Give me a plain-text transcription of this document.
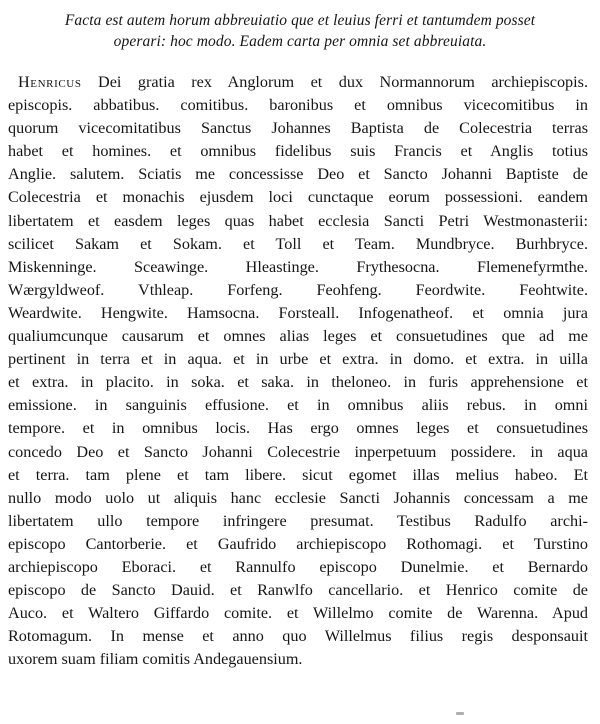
Facta est autem horum abbreuiatio que et leuius ferri et tantumdem posset
operari: hoc modo. Eadem carta per omnia set abbreuiata.
Henricus Dei gratia rex Anglorum et dux Normannorum archiepiscopis.
episcopis. abbatibus. comitibus. baronibus et omnibus vicecomitibus in
quorum vicecomitatibus Sanctus Johannes Baptista de Colecestria terras
habet et homines. et omnibus fidelibus suis Francis et Anglis totius
Anglie. salutem. Sciatis me concessisse Deo et Sancto Johanni Baptiste de
Colecestria et monachis ejusdem loci cunctaque eorum possessioni. eandem
libertatem et easdem leges quas habet ecclesia Sancti Petri Westmonasterii:
scilicet Sakam et Sokam. et Toll et Team. Mundbryce. Burhbryce.
Miskenninge. Sceawinge. Hleastinge. Frythesocna. Flemenefyrmthe.
Wærgyldweof. Vthleap. Forfeng. Feohfeng. Feordwite. Feohtwite.
Weardwite. Hengwite. Hamsocna. Forsteall. Infogenatheof. et omnia jura
qualiumcunque causarum et omnes alias leges et consuetudines que ad me
pertinent in terra et in aqua. et in urbe et extra. in domo. et extra. in uilla
et extra. in placito. in soka. et saka. in theloneo. in furis apprehensione et
emissione. in sanguinis effusione. et in omnibus aliis rebus. in omni
tempore. et in omnibus locis. Has ergo omnes leges et consuetudines
concedo Deo et Sancto Johanni Colecestrie inperpetuum possidere. in aqua
et terra. tam plene et tam libere. sicut egomet illas melius habeo. Et
nullo modo uolo ut aliquis hanc ecclesie Sancti Johannis concessam a me
libertatem ullo tempore infringere presumat. Testibus Radulfo archi-
episcopo Cantorberie. et Gaufrido archiepiscopo Rothomagi. et Turstino
archiepiscopo Eboraci. et Rannulfo episcopo Dunelmie. et Bernardo
episcopo de Sancto Dauid. et Ranwlfo cancellario. et Henrico comite de
Auco. et Waltero Giffardo comite. et Willelmo comite de Warenna. Apud
Rotomagum. In mense et anno quo Willelmus filius regis desponsauit
uxorem suam filiam comitis Andegauensium.
